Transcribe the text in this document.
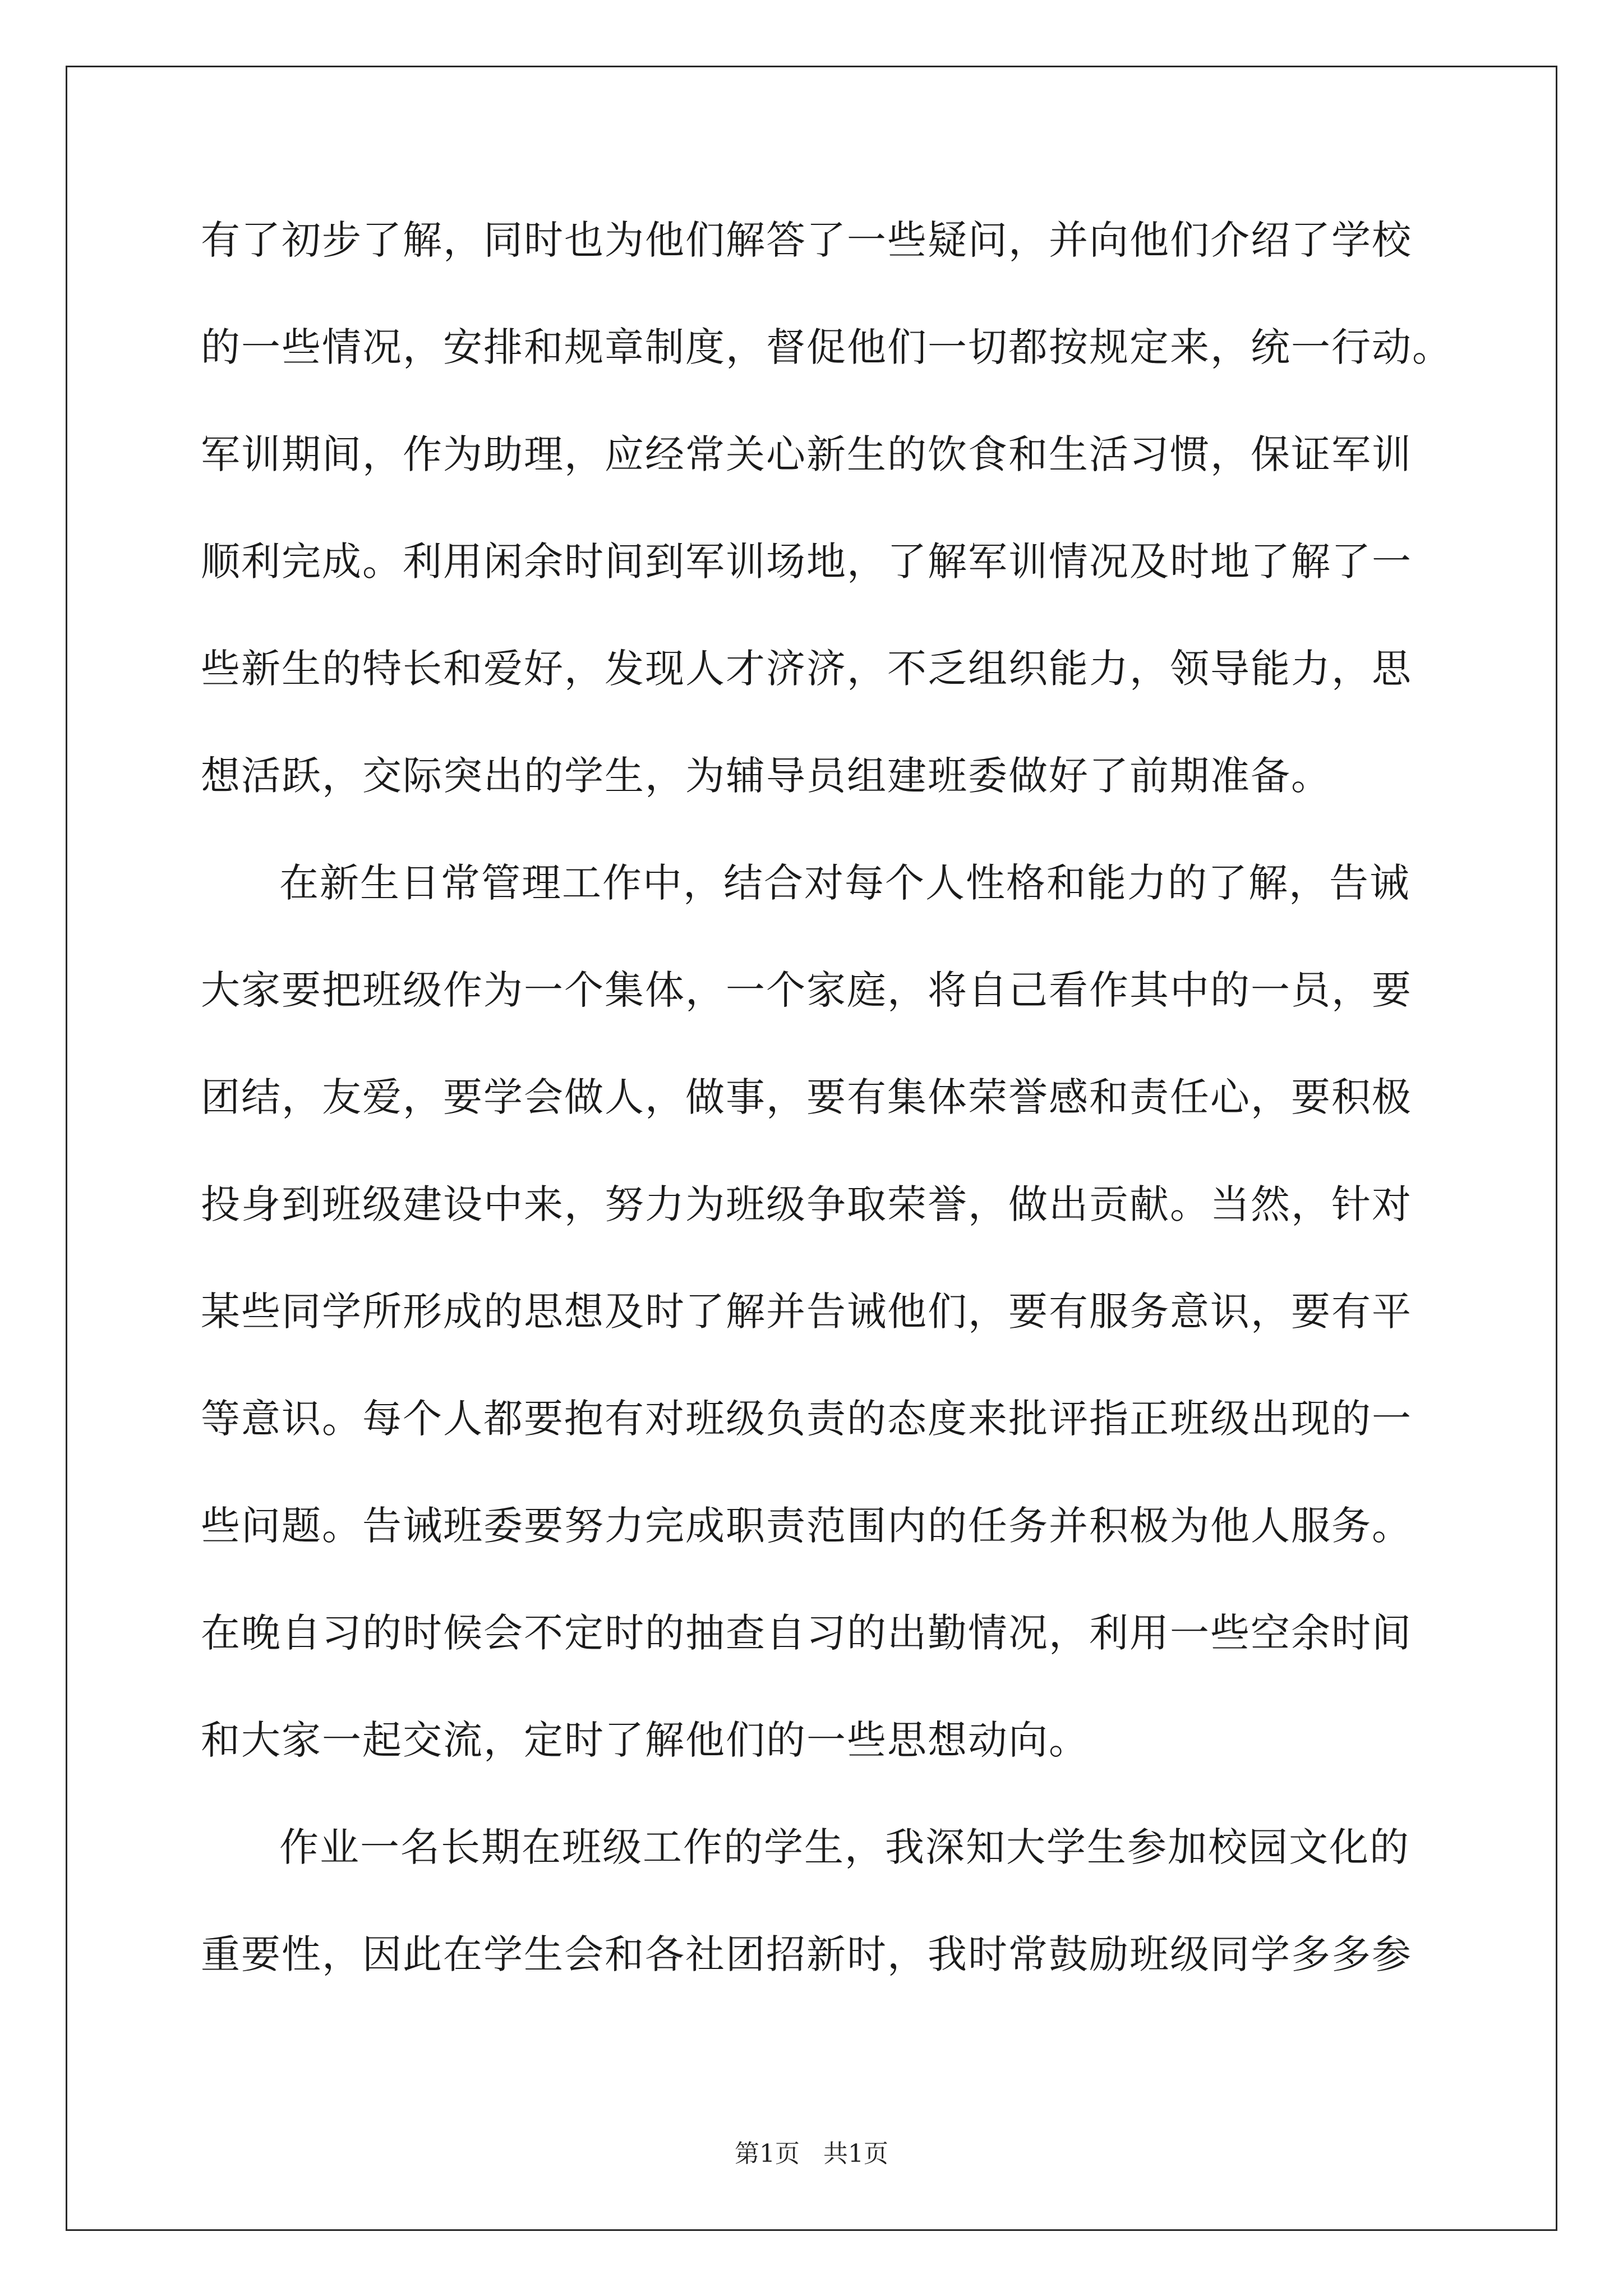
有了初步了解，同时也为他们解答了一些疑问，并向他们介绍了学校
的一些情况，安排和规章制度，督促他们一切都按规定来，统一行动。
军训期间，作为助理，应经常关心新生的饮食和生活习惯，保证军训
顺利完成。利用闲余时间到军训场地，了解军训情况及时地了解了一
些新生的特长和爱好，发现人才济济，不乏组织能力，领导能力，思
想活跃，交际突出的学生，为辅导员组建班委做好了前期准备。
在新生日常管理工作中，结合对每个人性格和能力的了解，告诫
大家要把班级作为一个集体，一个家庭，将自己看作其中的一员，要
团结，友爱，要学会做人，做事，要有集体荣誉感和责任心，要积极
投身到班级建设中来，努力为班级争取荣誉，做出贡献。当然，针对
某些同学所形成的思想及时了解并告诫他们，要有服务意识，要有平
等意识。每个人都要抱有对班级负责的态度来批评指正班级出现的一
些问题。告诫班委要努力完成职责范围内的任务并积极为他人服务。
在晚自习的时候会不定时的抽查自习的出勤情况，利用一些空余时间
和大家一起交流，定时了解他们的一些思想动向。
作业一名长期在班级工作的学生，我深知大学生参加校园文化的
重要性，因此在学生会和各社团招新时，我时常鼓励班级同学多多参
第1页 共1页
